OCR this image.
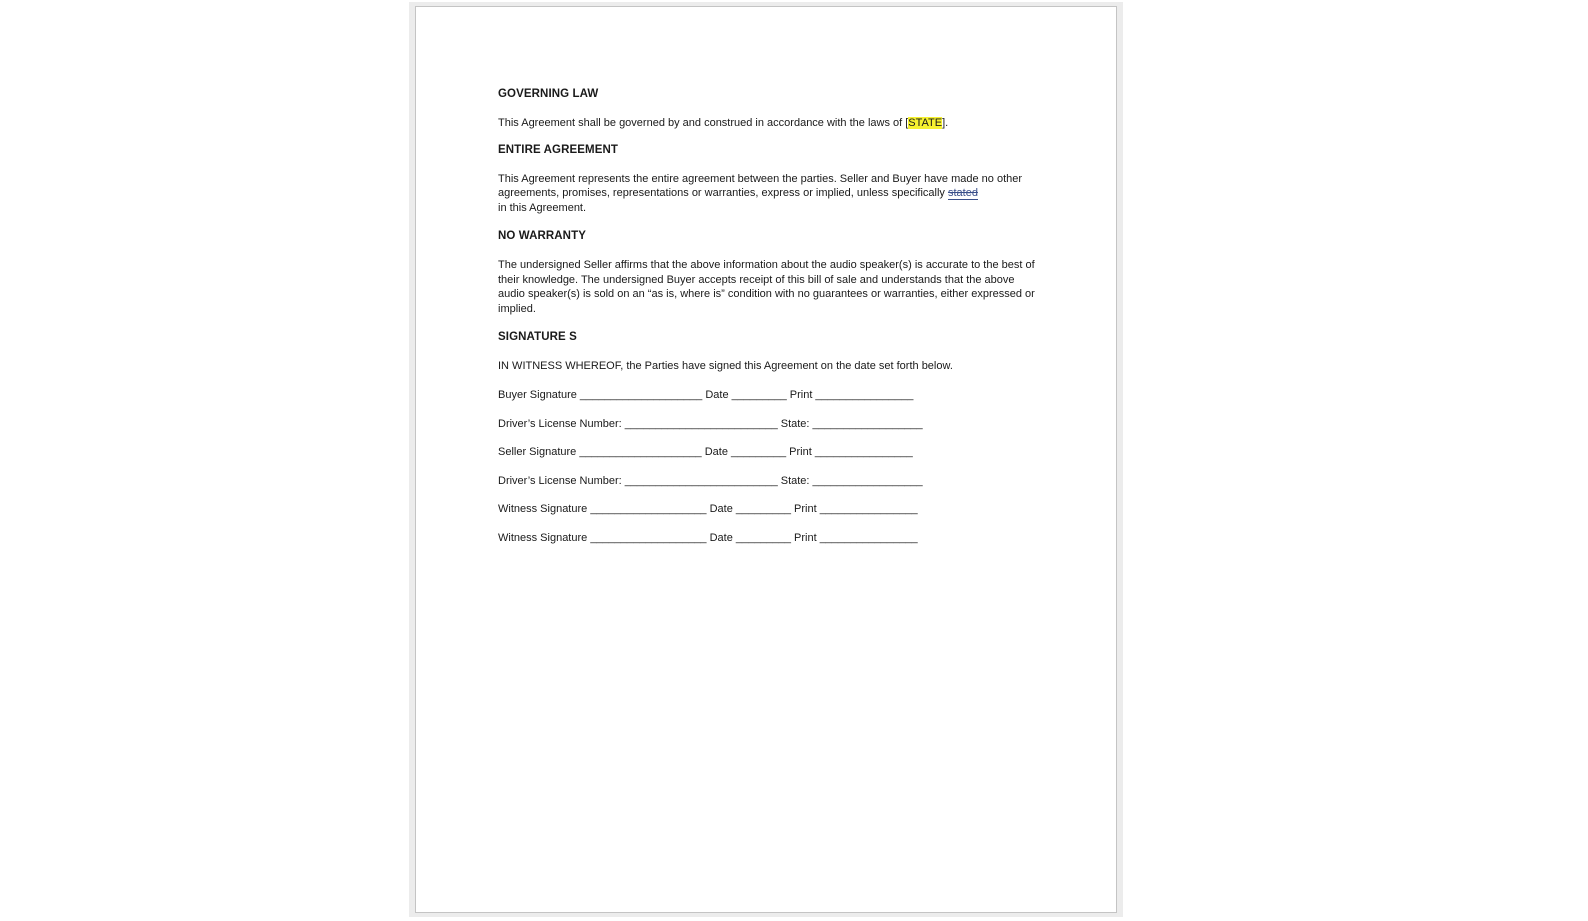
GOVERNING LAW

This Agreement shall be governed by and construed in accordance with the laws of [STATE].

ENTIRE AGREEMENT

This Agreement represents the entire agreement between the parties. Seller and Buyer have made no other agreements, promises, representations or warranties, express or implied, unless specifically stated
in this Agreement.

NO WARRANTY

The undersigned Seller affirms that the above information about the audio speaker(s) is accurate to the best of their knowledge. The undersigned Buyer accepts receipt of this bill of sale and understands that the above audio speaker(s) is sold on an “as is, where is” condition with no guarantees or warranties, either expressed or implied.

SIGNATURE S

IN WITNESS WHEREOF, the Parties have signed this Agreement on the date set forth below.

Buyer Signature ____________________ Date _________ Print ________________

Driver’s License Number: _________________________ State: __________________

Seller Signature ____________________ Date _________ Print ________________

Driver’s License Number: _________________________ State: __________________

Witness Signature ___________________ Date _________ Print ________________

Witness Signature ___________________ Date _________ Print ________________
